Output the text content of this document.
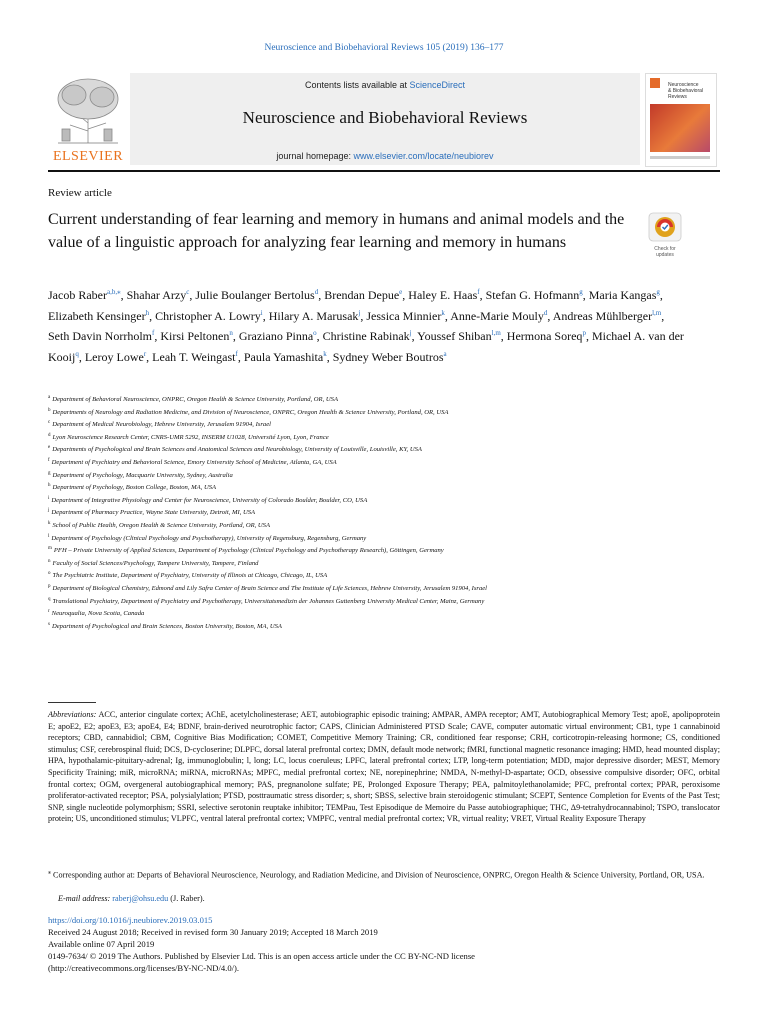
Neuroscience and Biobehavioral Reviews 105 (2019) 136–177
ELSEVIER
Contents lists available at ScienceDirect
Neuroscience and Biobehavioral Reviews
journal homepage: www.elsevier.com/locate/neubiorev
Neuroscience
& Biobehavioral
Reviews
Review article
Current understanding of fear learning and memory in humans and animal models and the value of a linguistic approach for analyzing fear learning and memory in humans	Check for
updates
Jacob Raber$^{a,b,⁎}$, Shahar Arzy$^c$, Julie Boulanger Bertolus$^d$, Brendan Depue$^e$, Haley E. Haas$^f$, Stefan G. Hofmann$^g$, Maria Kangas$^g$, Elizabeth Kensinger$^h$, Christopher A. Lowry$^i$, Hilary A. Marusak$^j$, Jessica Minnier$^k$, Anne-Marie Mouly$^d$, Andreas Mühlberger$^{l,m}$, Seth Davin Norrholm$^f$, Kirsi Peltonen$^n$, Graziano Pinna$^o$, Christine Rabinak$^j$, Youssef Shiban$^{l,m}$, Hermona Soreq$^p$, Michael A. van der Kooij$^q$, Leroy Lowe$^r$, Leah T. Weingast$^f$, Paula Yamashita$^k$, Sydney Weber Boutros$^a$
$^a$ Department of Behavioral Neuroscience, ONPRC, Oregon Health & Science University, Portland, OR, USA
$^b$ Departments of Neurology and Radiation Medicine, and Division of Neuroscience, ONPRC, Oregon Health & Science University, Portland, OR, USA
$^c$ Department of Medical Neurobiology, Hebrew University, Jerusalem 91904, Israel
$^d$ Lyon Neuroscience Research Center, CNRS-UMR 5292, INSERM U1028, Université Lyon, Lyon, France
$^e$ Departments of Psychological and Brain Sciences and Anatomical Sciences and Neurobiology, University of Louisville, Louisville, KY, USA
$^f$ Department of Psychiatry and Behavioral Science, Emory University School of Medicine, Atlanta, GA, USA
$^g$ Department of Psychology, Macquarie University, Sydney, Australia
$^h$ Department of Psychology, Boston College, Boston, MA, USA
$^i$ Department of Integrative Physiology and Center for Neuroscience, University of Colorado Boulder, Boulder, CO, USA
$^j$ Department of Pharmacy Practice, Wayne State University, Detroit, MI, USA
$^k$ School of Public Health, Oregon Health & Science University, Portland, OR, USA
$^l$ Department of Psychology (Clinical Psychology and Psychotherapy), University of Regensburg, Regensburg, Germany
$^m$ PFH – Private University of Applied Sciences, Department of Psychology (Clinical Psychology and Psychotherapy Research), Göttingen, Germany
$^n$ Faculty of Social Sciences/Psychology, Tampere University, Tampere, Finland
$^o$ The Psychiatric Institute, Department of Psychiatry, University of Illinois at Chicago, Chicago, IL, USA
$^p$ Department of Biological Chemistry, Edmond and Lily Safra Center of Brain Science and The Institute of Life Sciences, Hebrew University, Jerusalem 91904, Israel
$^q$ Translational Psychiatry, Department of Psychiatry and Psychotherapy, Universitatsmedizin der Johannes Guttenberg University Medical Center, Mainz, Germany
$^r$ Neuroqualia, Nova Scotia, Canada
$^s$ Department of Psychological and Brain Sciences, Boston University, Boston, MA, USA
Abbreviations: ACC, anterior cingulate cortex; AChE, acetylcholinesterase; AET, autobiographic episodic training; AMPAR, AMPA receptor; AMT, Autobiographical Memory Test; apoE, apolipoprotein E; apoE2, E2; apoE3, E3; apoE4, E4; BDNF, brain-derived neurotrophic factor; CAPS, Clinician Administered PTSD Scale; CAVE, computer automatic virtual environment; CB1, type 1 cannabinoid receptors; CBD, cannabidiol; CBM, Cognitive Bias Modification; COMET, Competitive Memory Training; CR, conditioned fear response; CRH, corticotropin-releasing hormone; CS, conditioned stimulus; CSF, cerebrospinal fluid; DCS, D-cycloserine; DLPFC, dorsal lateral prefrontal cortex; DMN, default mode network; fMRI, functional magnetic resonance imaging; HMD, head mounted display; HPA, hypothalamic-pituitary-adrenal; Ig, immunoglobulin; l, long; LC, locus coeruleus; LPFC, lateral prefrontal cortex; LTP, long-term potentiation; MDD, major depressive disorder; MEST, Memory Specificity Training; miR, microRNA; miRNA, microRNAs; MPFC, medial prefrontal cortex; NE, norepinephrine; NMDA, N-methyl-D-aspartate; OCD, obsessive compulsive disorder; OFC, orbital frontal cortex; OGM, overgeneral autobiographical memory; PAS, pregnanolone sulfate; PE, Prolonged Exposure Therapy; PEA, palmitoylethanolamide; PFC, prefrontal cortex; PPAR, peroxisome proliferator-activated receptor; PSA, polysialylation; PTSD, posttraumatic stress disorder; s, short; SBSS, selective brain steroidogenic stimulant; SCEPT, Sentence Completion for Events of the Past Test; SNP, single nucleotide polymorphism; SSRI, selective serotonin reuptake inhibitor; TEMPau, Test Episodique de Memoire du Passe autobiographique; THC, Δ9-tetrahydrocannabinol; TSPO, translocator protein; US, unconditioned stimulus; VLPFC, ventral lateral prefrontal cortex; VMPFC, ventral medial prefrontal cortex; VR, virtual reality; VRET, Virtual Reality Exposure Therapy
⁎ Corresponding author at: Departs of Behavioral Neuroscience, Neurology, and Radiation Medicine, and Division of Neuroscience, ONPRC, Oregon Health & Science University, Portland, OR, USA.
E-mail address: raberj@ohsu.edu (J. Raber).
https://doi.org/10.1016/j.neubiorev.2019.03.015
Received 24 August 2018; Received in revised form 30 January 2019; Accepted 18 March 2019
Available online 07 April 2019
0149-7634/ © 2019 The Authors. Published by Elsevier Ltd. This is an open access article under the CC BY-NC-ND license
(http://creativecommons.org/licenses/BY-NC-ND/4.0/).
